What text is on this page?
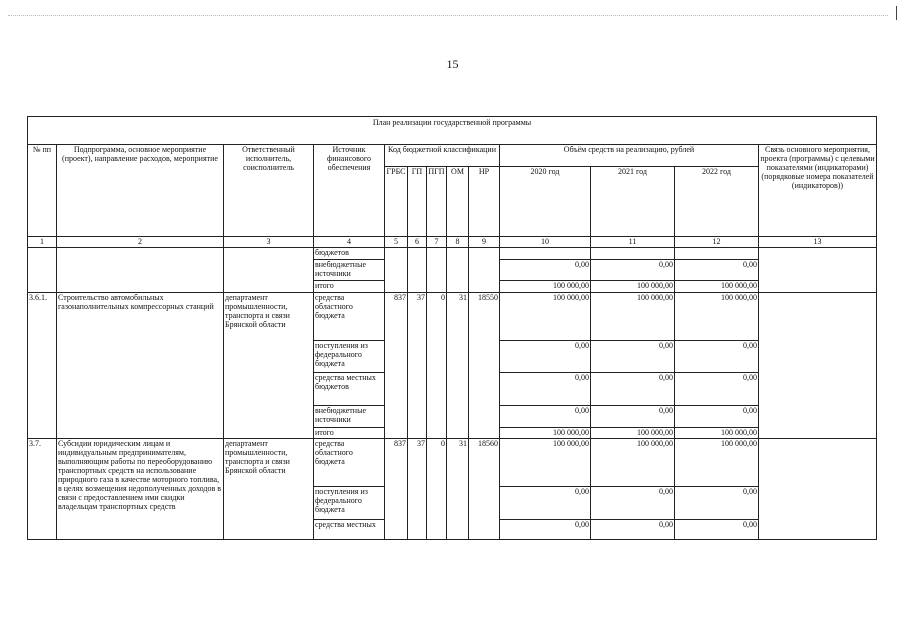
15
План реализации государственной программы												
№ пп	Подпрограмма, основное мероприятие (проект), направление расходов, мероприятие	Ответственный исполнитель, соисполнитель	Источник финансового обеспечения	Код бюджетной классификации					Объём средств на реализацию, рублей			Связь основного мероприятия, проекта (программы) с целевыми показателями (индикаторами) (порядковые номера показателей (индикаторов))
				ГРБС	ГП	ПГП	ОМ	НР	2020 год	2021 год	2022 год	
1	2	3	4	5	6	7	8	9	10	11	12	13
			бюджетов									
			внебюджетные источники						0,00	0,00	0,00	
			итого						100 000,00	100 000,00	100 000,00	
3.6.1.	Строительство автомобильных газонаполнительных компрессорных станций	департамент промышленности, транспорта и связи Брянской области	средства областного бюджета	837	37	0	31	18550	100 000,00	100 000,00	100 000,00	
			поступления из федерального бюджета						0,00	0,00	0,00	
			средства местных бюджетов						0,00	0,00	0,00	
			внебюджетные источники						0,00	0,00	0,00	
			итого						100 000,00	100 000,00	100 000,00	
3.7.	Субсидии юридическим лицам и индивидуальным предпринимателям, выполняющим работы по переоборудованию транспортных средств на использование природного газа в качестве моторного топлива, в целях возмещения недополученных доходов в связи с предоставлением ими скидки владельцам транспортных средств	департамент промышленности, транспорта и связи Брянской области	средства областного бюджета	837	37	0	31	18560	100 000,00	100 000,00	100 000,00	
			поступления из федерального бюджета						0,00	0,00	0,00	
			средства местных						0,00	0,00	0,00	
